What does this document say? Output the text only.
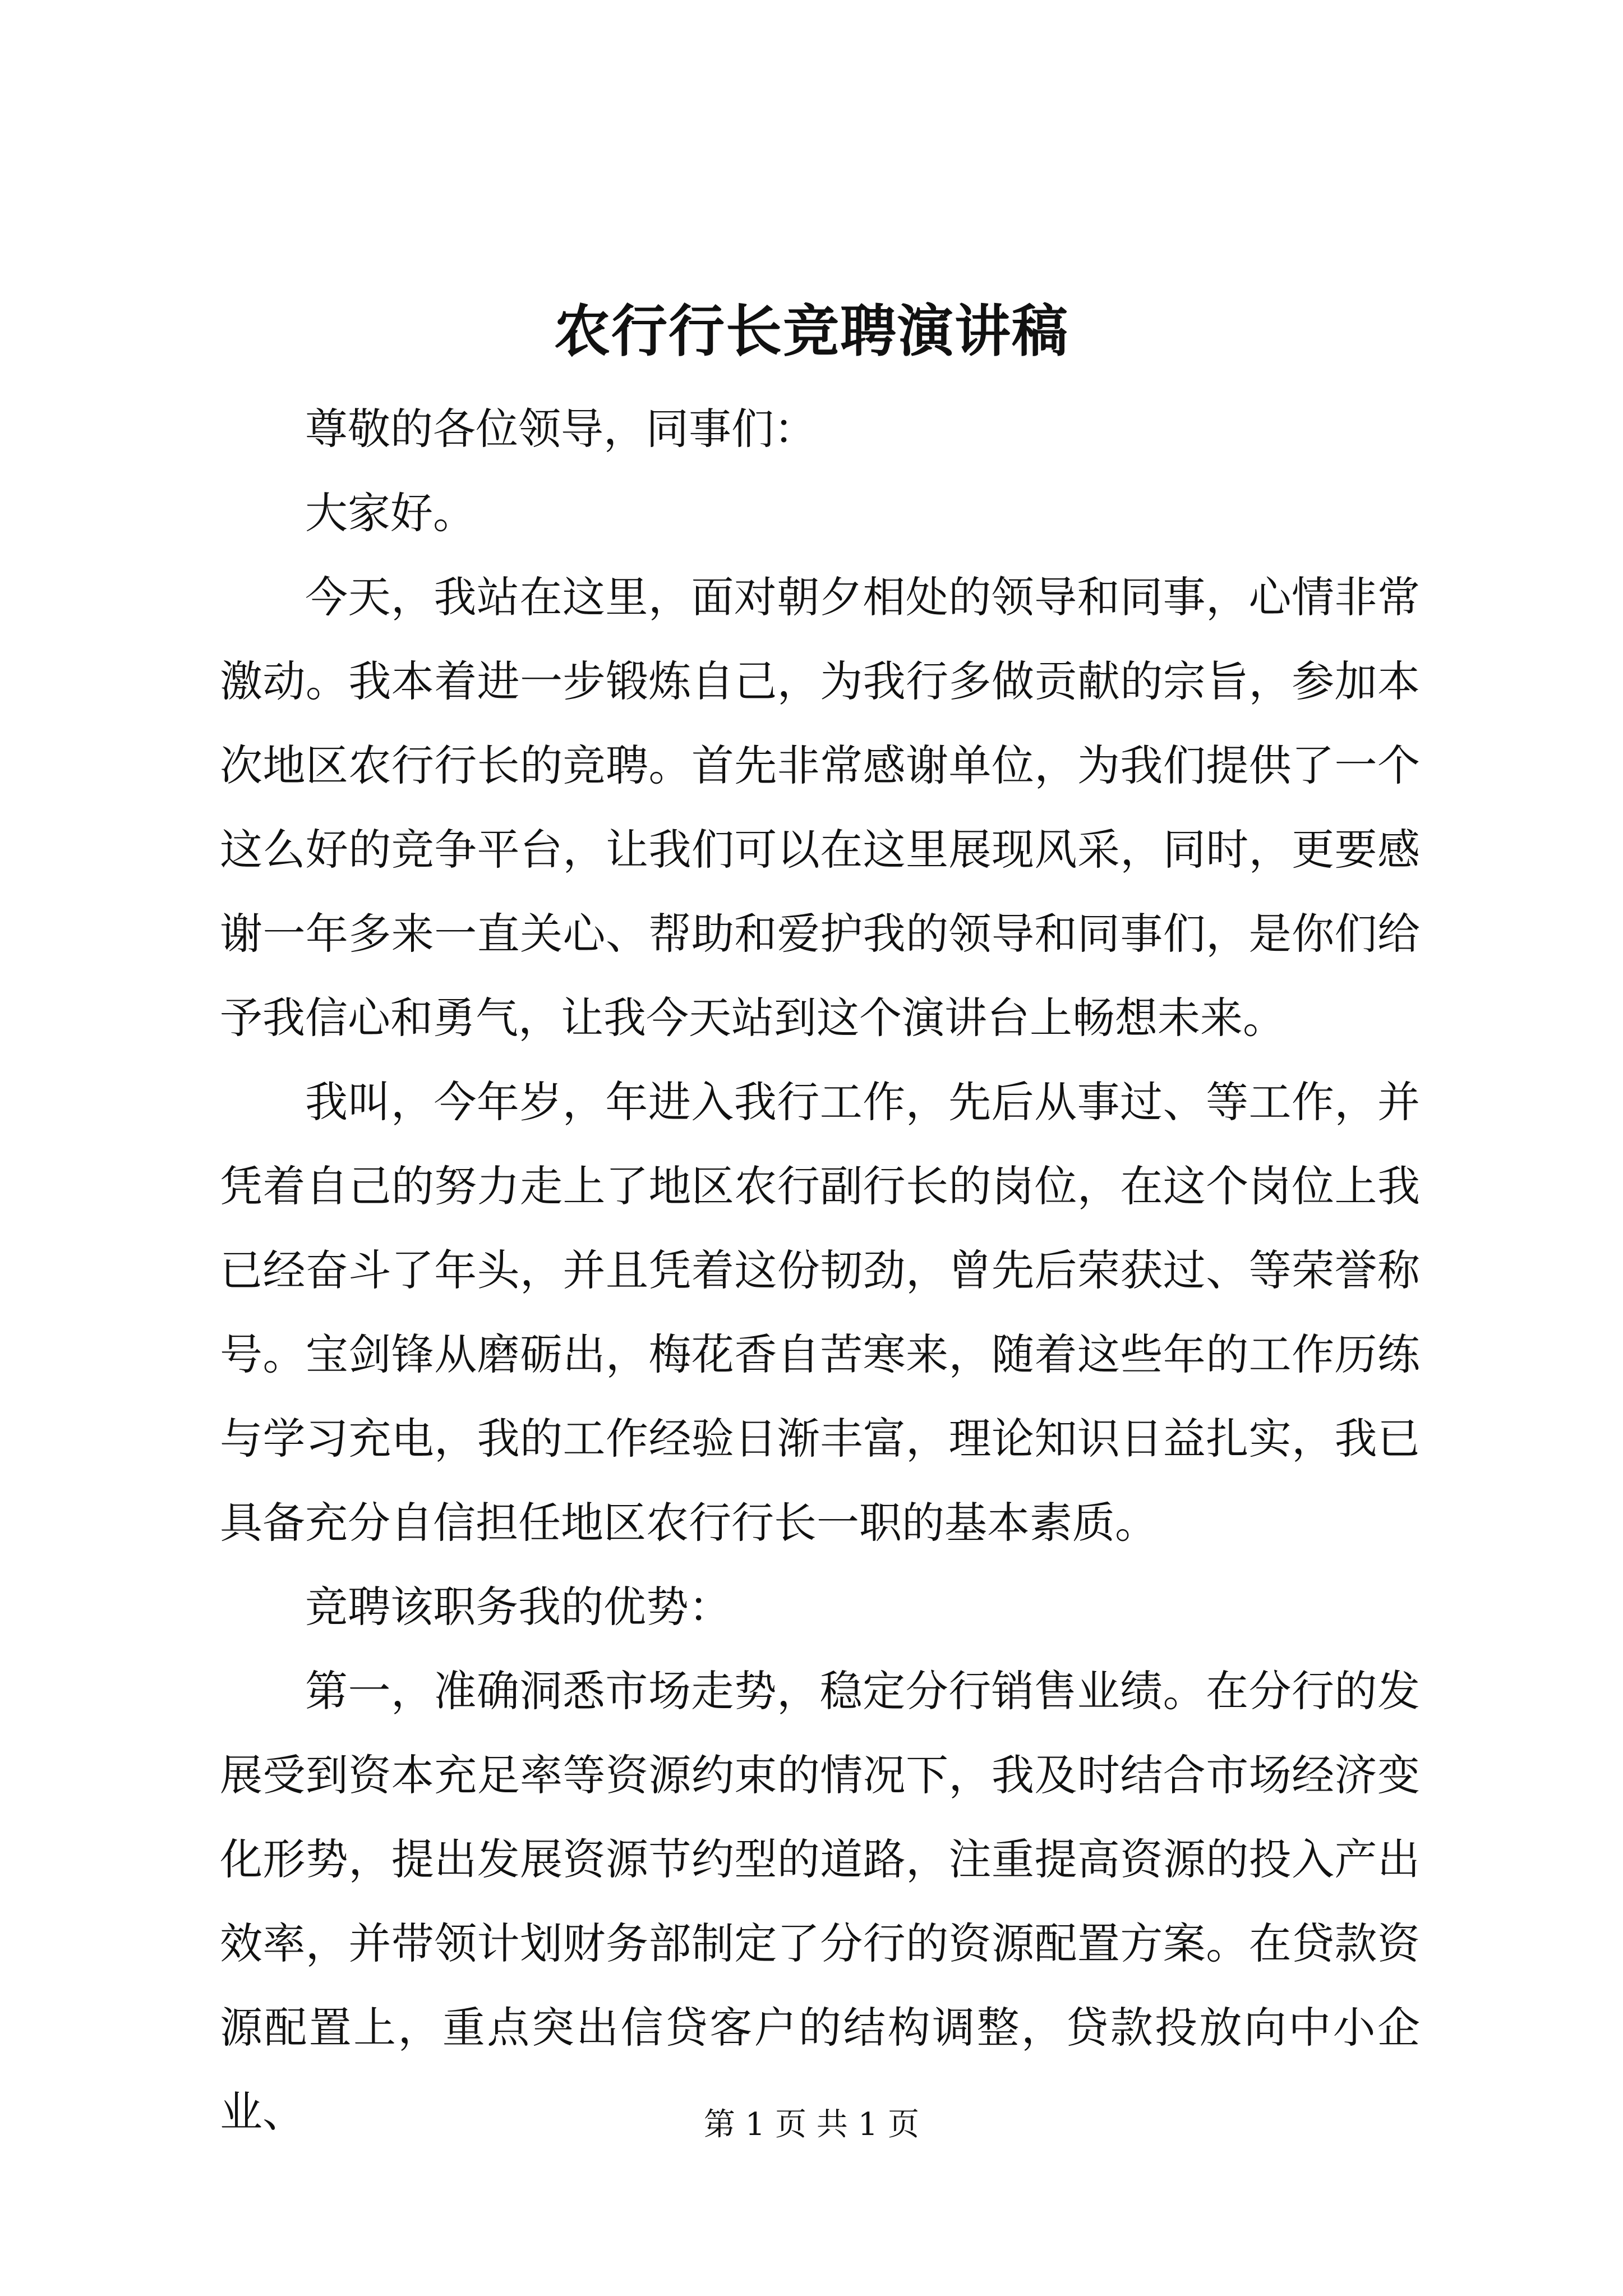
农行行长竞聘演讲稿

尊敬的各位领导，同事们：

大家好。

今天，我站在这里，面对朝夕相处的领导和同事，心情非常激动。我本着进一步锻炼自己，为我行多做贡献的宗旨，参加本次地区农行行长的竞聘。首先非常感谢单位，为我们提供了一个这么好的竞争平台，让我们可以在这里展现风采，同时，更要感谢一年多来一直关心、帮助和爱护我的领导和同事们，是你们给予我信心和勇气，让我今天站到这个演讲台上畅想未来。

我叫，今年岁，年进入我行工作，先后从事过、等工作，并凭着自己的努力走上了地区农行副行长的岗位，在这个岗位上我已经奋斗了年头，并且凭着这份韧劲，曾先后荣获过、等荣誉称号。宝剑锋从磨砺出，梅花香自苦寒来，随着这些年的工作历练与学习充电，我的工作经验日渐丰富，理论知识日益扎实，我已具备充分自信担任地区农行行长一职的基本素质。

竞聘该职务我的优势：

第一，准确洞悉市场走势，稳定分行销售业绩。在分行的发展受到资本充足率等资源约束的情况下，我及时结合市场经济变化形势，提出发展资源节约型的道路，注重提高资源的投入产出效率，并带领计划财务部制定了分行的资源配置方案。在贷款资源配置上，重点突出信贷客户的结构调整，贷款投放向中小企业、	第 1 页 共 1 页
